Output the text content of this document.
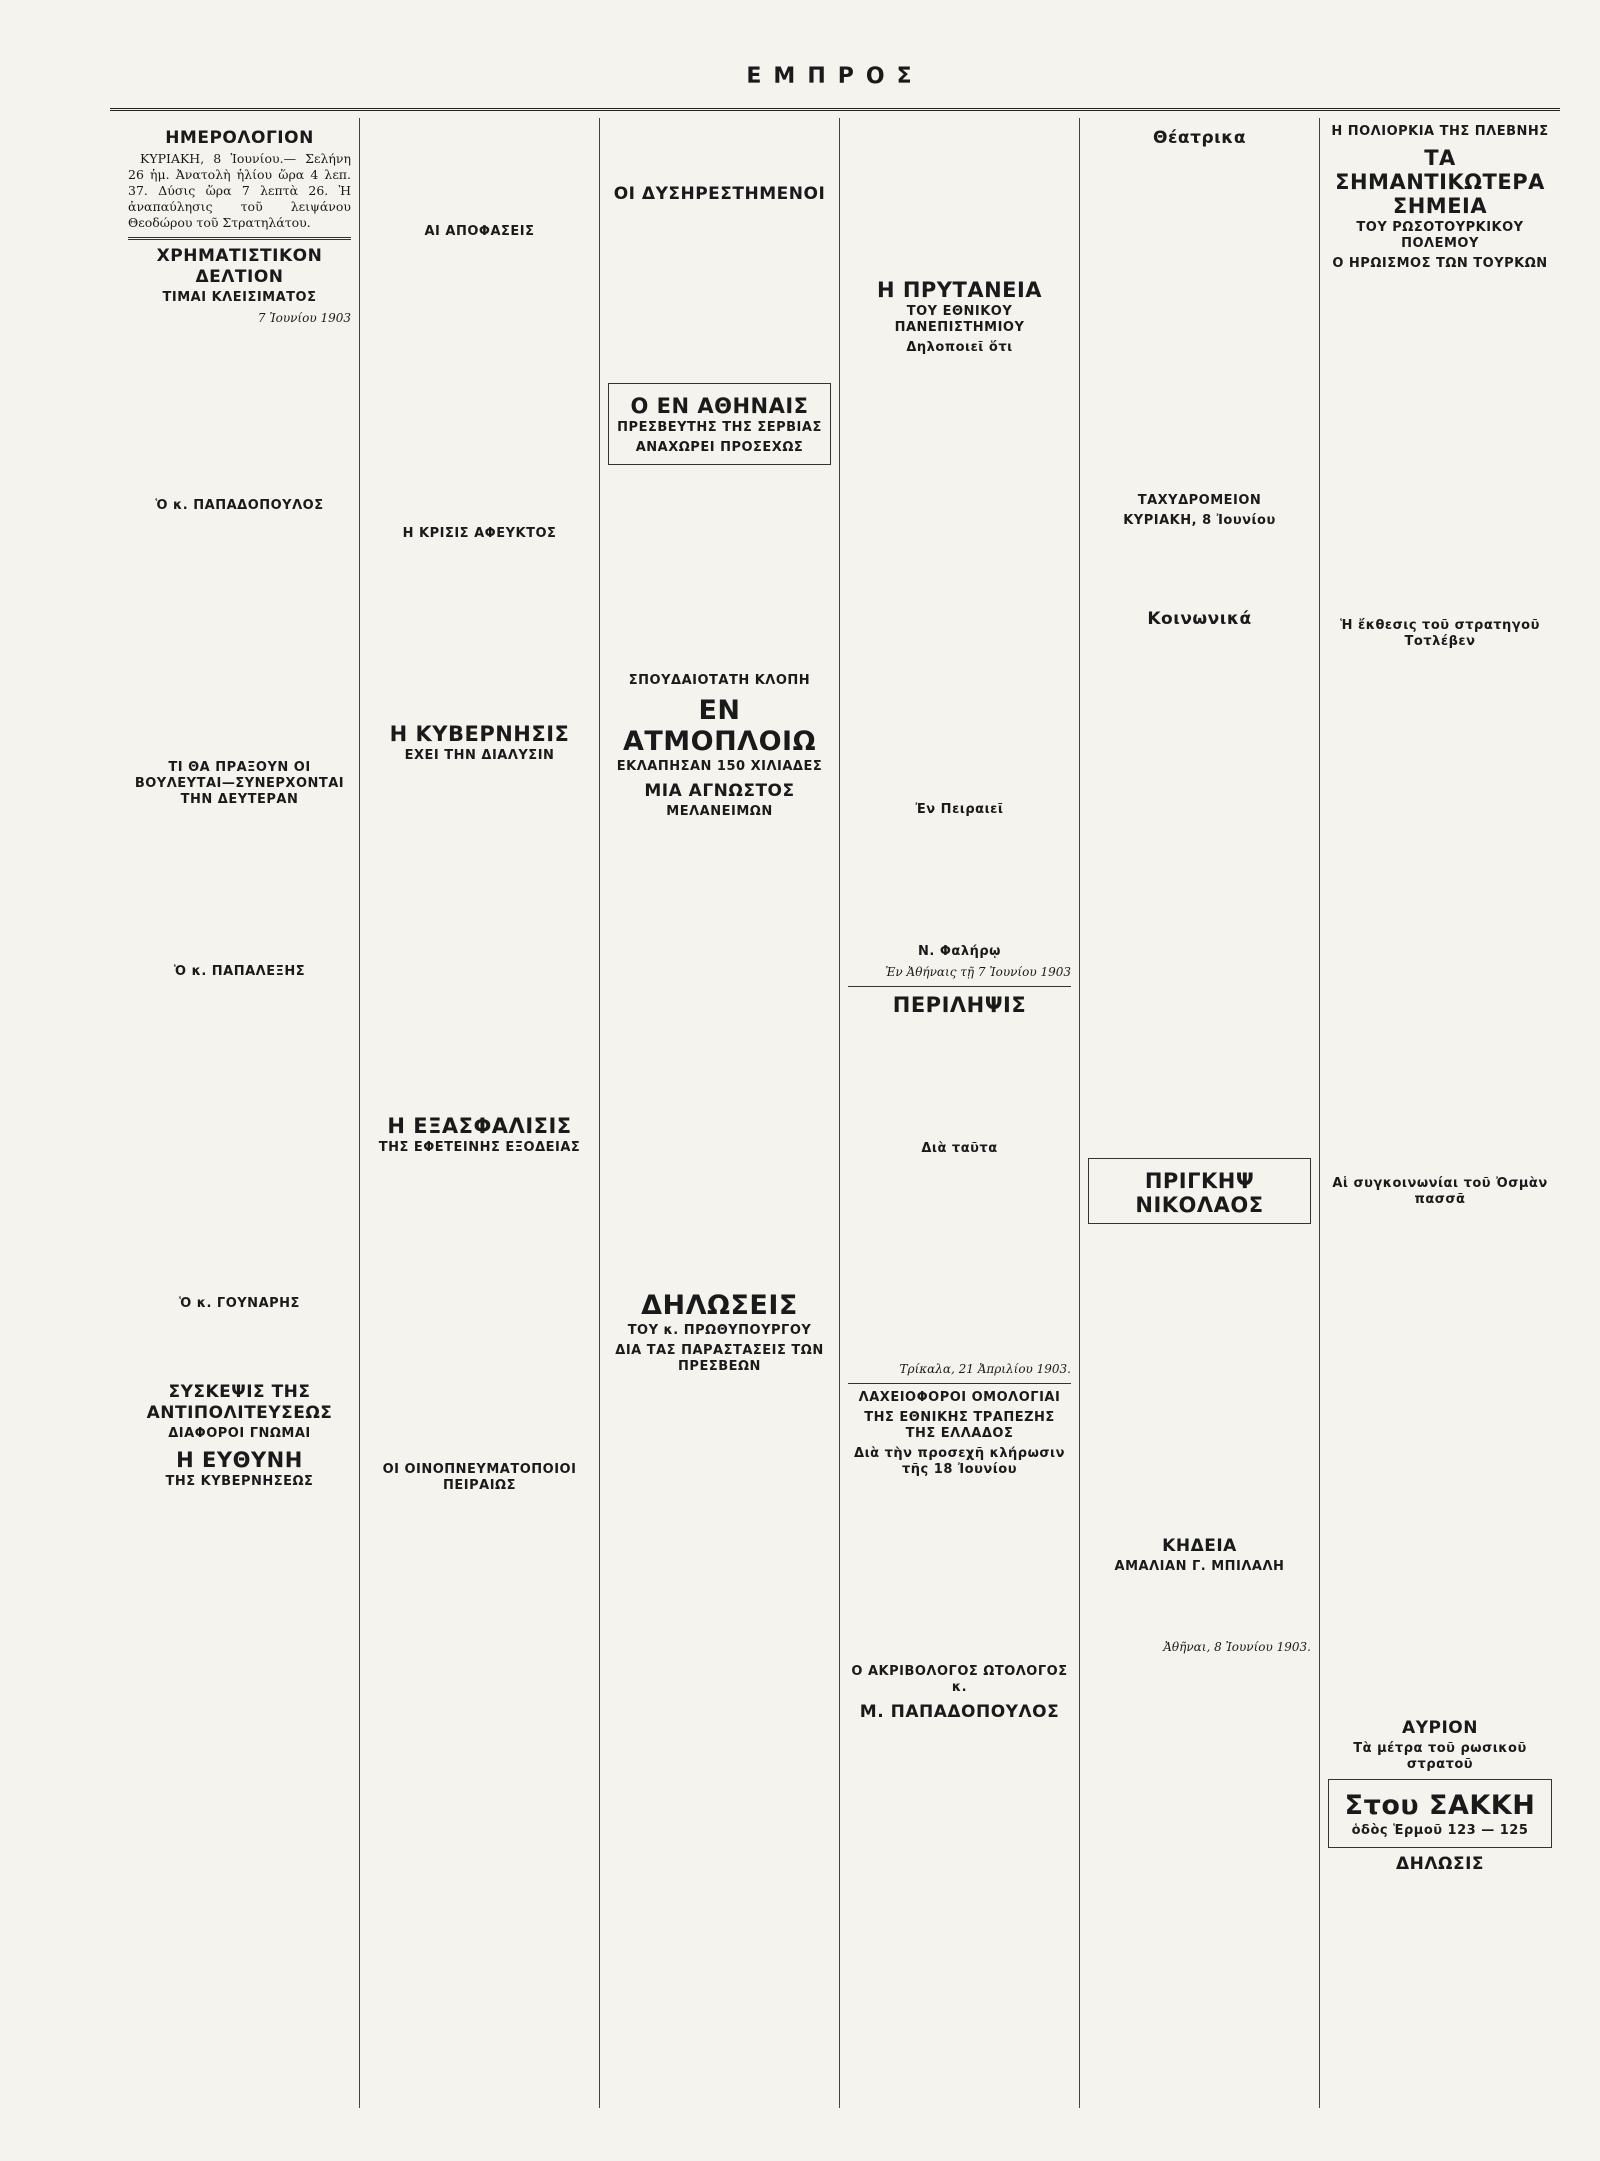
ΕΜΠΡΟΣ
ΗΜΕΡΟΛΟΓΙΟΝ

ΚΥΡΙΑΚΗ, 8 Ἰουνίου.— Σελήνη 26 ἡμ. Ἀνατολὴ ἡλίου ὥρα 4 λεπ. 37. Δύσις ὥρα 7 λεπτὰ 26. Ἡ ἀναπαύλησις τοῦ λειψάνου Θεοδώρου τοῦ Στρατηλάτου.

ΧΡΗΜΑΤΙΣΤΙΚΟΝ ΔΕΛΤΙΟΝ
ΤΙΜΑΙ ΚΛΕΙΣΙΜΑΤΟΣ
7 Ἰουνίου 1903
Ὁ κ. ΠΑΠΑΔΟΠΟΥΛΟΣ
ΤΙ ΘΑ ΠΡΑΞΟΥΝ ΟΙ ΒΟΥΛΕΥΤΑΙ—ΣΥΝΕΡΧΟΝΤΑΙ ΤΗΝ ΔΕΥΤΕΡΑΝ
Ὁ κ. ΠΑΠΑΛΕΞΗΣ
Ὁ κ. ΓΟΥΝΑΡΗΣ
ΣΥΣΚΕΨΙΣ ΤΗΣ ΑΝΤΙΠΟΛΙΤΕΥΣΕΩΣ
ΔΙΑΦΟΡΟΙ ΓΝΩΜΑΙ
Η ΕΥΘΥΝΗ
ΤΗΣ ΚΥΒΕΡΝΗΣΕΩΣ
ΑΙ ΑΠΟΦΑΣΕΙΣ
Η ΚΡΙΣΙΣ ΑΦΕΥΚΤΟΣ
Η ΚΥΒΕΡΝΗΣΙΣ
ΕΧΕΙ ΤΗΝ ΔΙΑΛΥΣΙΝ
Η ΕΞΑΣΦΑΛΙΣΙΣ
ΤΗΣ ΕΦΕΤΕΙΝΗΣ ΕΞΟΔΕΙΑΣ
ΟΙ ΟΙΝΟΠΝΕΥΜΑΤΟΠΟΙΟΙ ΠΕΙΡΑΙΩΣ
ΟΙ ΔΥΣΗΡΕΣΤΗΜΕΝΟΙ
Ο ΕΝ ΑΘΗΝΑΙΣ
ΠΡΕΣΒΕΥΤΗΣ ΤΗΣ ΣΕΡΒΙΑΣ
ΑΝΑΧΩΡΕΙ ΠΡΟΣΕΧΩΣ
ΣΠΟΥΔΑΙΟΤΑΤΗ ΚΛΟΠΗ
ΕΝ ΑΤΜΟΠΛΟΙΩ
ΕΚΛΑΠΗΣΑΝ 150 ΧΙΛΙΑΔΕΣ
ΜΙΑ ΑΓΝΩΣΤΟΣ
ΜΕΛΑΝΕΙΜΩΝ
ΔΗΛΩΣΕΙΣ
ΤΟΥ κ. ΠΡΩΘΥΠΟΥΡΓΟΥ
ΔΙΑ ΤΑΣ ΠΑΡΑΣΤΑΣΕΙΣ ΤΩΝ ΠΡΕΣΒΕΩΝ
Η ΠΡΥΤΑΝΕΙΑ
ΤΟΥ ΕΘΝΙΚΟΥ ΠΑΝΕΠΙΣΤΗΜΙΟΥ
Δηλοποιεῖ ὅτι
Ἐν Πειραιεῖ
Ν. Φαλήρῳ
Ἐν Ἀθήναις τῇ 7 Ἰουνίου 1903
ΠΕΡΙΛΗΨΙΣ
Διὰ ταῦτα
Τρίκαλα, 21 Ἀπριλίου 1903.
ΛΑΧΕΙΟΦΟΡΟΙ ΟΜΟΛΟΓΙΑΙ
ΤΗΣ ΕΘΝΙΚΗΣ ΤΡΑΠΕΖΗΣ ΤΗΣ ΕΛΛΑΔΟΣ
Διὰ τὴν προσεχῆ κλήρωσιν τῆς 18 Ἰουνίου
Ο ΑΚΡΙΒΟΛΟΓΟΣ ΩΤΟΛΟΓΟΣ κ.
Μ. ΠΑΠΑΔΟΠΟΥΛΟΣ
Θέατρικα
ΤΑΧΥΔΡΟΜΕΙΟΝ
ΚΥΡΙΑΚΗ, 8 Ἰουνίου
Κοινωνικά
ΠΡΙΓΚΗΨ ΝΙΚΟΛΑΟΣ
ΚΗΔΕΙΑ
ΑΜΑΛΙΑΝ Γ. ΜΠΙΛΑΛΗ
Ἀθῆναι, 8 Ἰουνίου 1903.
Η ΠΟΛΙΟΡΚΙΑ ΤΗΣ ΠΛΕΒΝΗΣ
ΤΑ ΣΗΜΑΝΤΙΚΩΤΕΡΑ ΣΗΜΕΙΑ
ΤΟΥ ΡΩΣΟΤΟΥΡΚΙΚΟΥ ΠΟΛΕΜΟΥ
Ο ΗΡΩΙΣΜΟΣ ΤΩΝ ΤΟΥΡΚΩΝ
Ἡ ἔκθεσις τοῦ στρατηγοῦ Τοτλέβεν
Αἱ συγκοινωνίαι τοῦ Ὀσμὰν πασσᾶ
ΑΥΡΙΟΝ
Τὰ μέτρα τοῦ ρωσικοῦ στρατοῦ
Στου ΣΑΚΚΗ
ὁδὸς Ἑρμοῦ 123 — 125
ΔΗΛΩΣΙΣ
